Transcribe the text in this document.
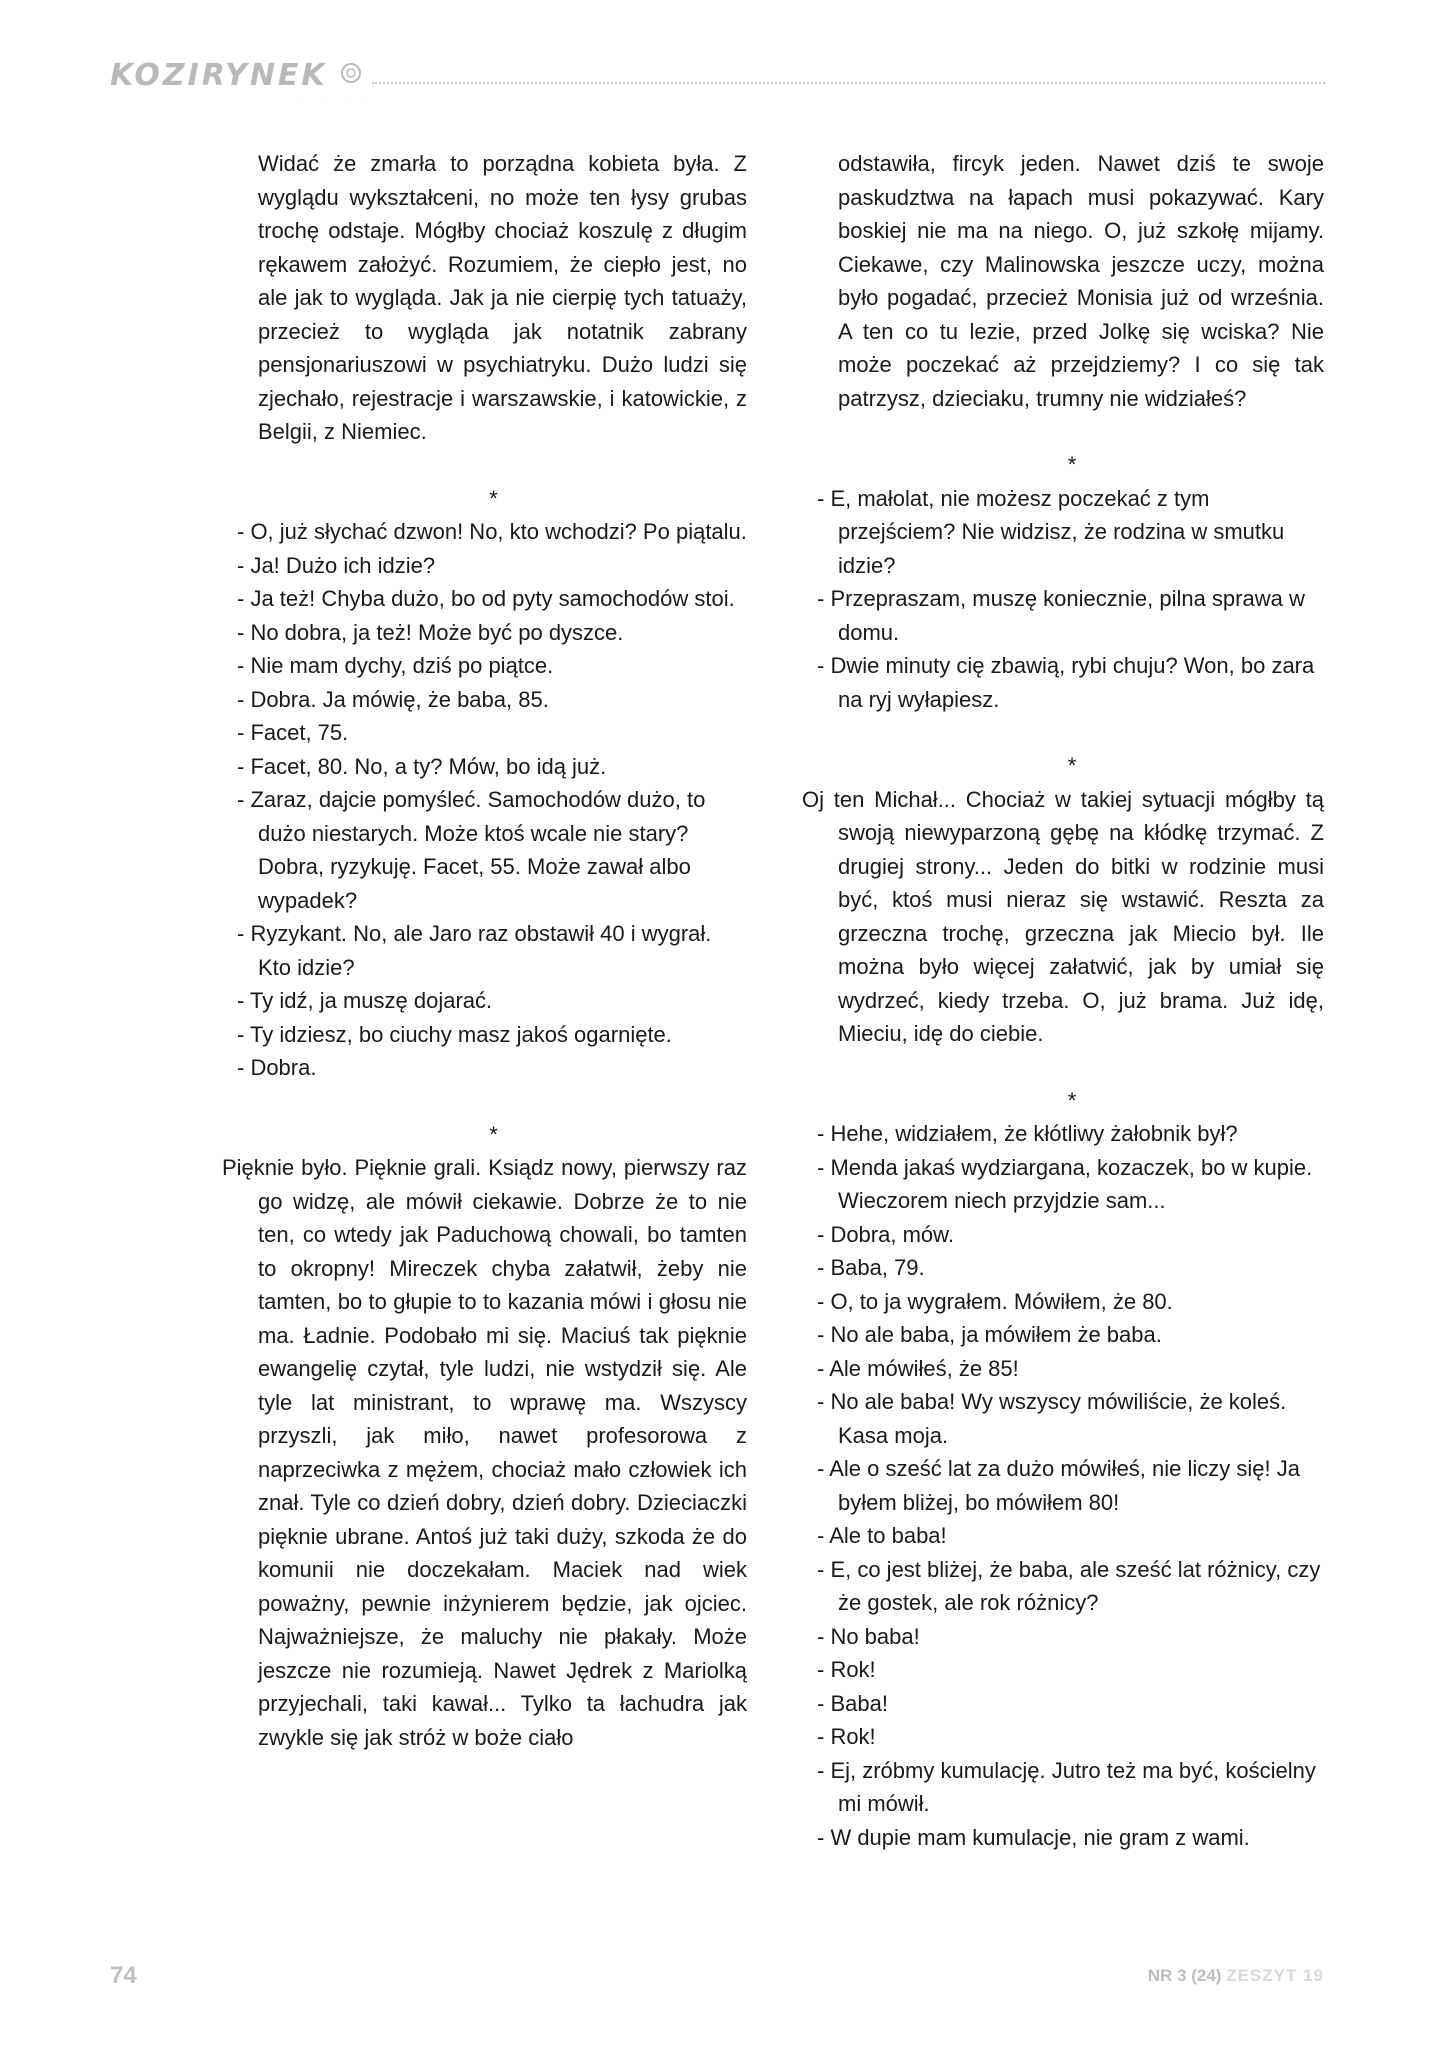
KOZIRYNEK
∙ ∙ ∙ ∙

Widać że zmarła to porządna kobieta była. Z wyglądu wykształceni, no może ten łysy grubas trochę odstaje. Mógłby chociaż koszulę z długim rękawem założyć. Rozumiem, że ciepło jest, no ale jak to wygląda. Jak ja nie cierpię tych tatuaży, przecież to wygląda jak notatnik zabrany pensjonariuszowi w psychiatryku. Dużo ludzi się zjechało, rejestracje i warszawskie, i katowickie, z Belgii, z Niemiec.

*

- O, już słychać dzwon! No, kto wchodzi? Po piątalu.

- Ja! Dużo ich idzie?

- Ja też! Chyba dużo, bo od pyty samochodów stoi.

- No dobra, ja też! Może być po dyszce.

- Nie mam dychy, dziś po piątce.

- Dobra. Ja mówię, że baba, 85.

- Facet, 75.

- Facet, 80. No, a ty? Mów, bo idą już.

- Zaraz, dajcie pomyśleć. Samochodów dużo, to dużo niestarych. Może ktoś wcale nie stary? Dobra, ryzykuję. Facet, 55. Może zawał albo wypadek?

- Ryzykant. No, ale Jaro raz obstawił 40 i wygrał. Kto idzie?

- Ty idź, ja muszę dojarać.

- Ty idziesz, bo ciuchy masz jakoś ogarnięte.

- Dobra.

*

Pięknie było. Pięknie grali. Ksiądz nowy, pierwszy raz go widzę, ale mówił ciekawie. Dobrze że to nie ten, co wtedy jak Paduchową chowali, bo tamten to okropny! Mireczek chyba załatwił, żeby nie tamten, bo to głupie to to kazania mówi i głosu nie ma. Ładnie. Podobało mi się. Maciuś tak pięknie ewangelię czytał, tyle ludzi, nie wstydził się. Ale tyle lat ministrant, to wprawę ma. Wszyscy przyszli, jak miło, nawet profesorowa z naprzeciwka z mężem, chociaż mało człowiek ich znał. Tyle co dzień dobry, dzień dobry. Dzieciaczki pięknie ubrane. Antoś już taki duży, szkoda że do komunii nie doczekałam. Maciek nad wiek poważny, pewnie inżynierem będzie, jak ojciec. Najważniejsze, że maluchy nie płakały. Może jeszcze nie rozumieją. Nawet Jędrek z Mariolką przyjechali, taki kawał... Tylko ta łachudra jak zwykle się jak stróż w boże ciało

odstawiła, fircyk jeden. Nawet dziś te swoje paskudztwa na łapach musi pokazywać. Kary boskiej nie ma na niego. O, już szkołę mijamy. Ciekawe, czy Malinowska jeszcze uczy, można było pogadać, przecież Monisia już od września. A ten co tu lezie, przed Jolkę się wciska? Nie może poczekać aż przejdziemy? I co się tak patrzysz, dzieciaku, trumny nie widziałeś?

*

- E, małolat, nie możesz poczekać z tym przejściem? Nie widzisz, że rodzina w smutku idzie?

- Przepraszam, muszę koniecznie, pilna sprawa w domu.

- Dwie minuty cię zbawią, rybi chuju? Won, bo zara na ryj wyłapiesz.

*

Oj ten Michał... Chociaż w takiej sytuacji mógłby tą swoją niewyparzoną gębę na kłódkę trzymać. Z drugiej strony... Jeden do bitki w rodzinie musi być, ktoś musi nieraz się wstawić. Reszta za grzeczna trochę, grzeczna jak Miecio był. Ile można było więcej załatwić, jak by umiał się wydrzeć, kiedy trzeba. O, już brama. Już idę, Mieciu, idę do ciebie.

*

- Hehe, widziałem, że kłótliwy żałobnik był?

- Menda jakaś wydziargana, kozaczek, bo w kupie. Wieczorem niech przyjdzie sam...

- Dobra, mów.

- Baba, 79.

- O, to ja wygrałem. Mówiłem, że 80.

- No ale baba, ja mówiłem że baba.

- Ale mówiłeś, że 85!

- No ale baba! Wy wszyscy mówiliście, że koleś. Kasa moja.

- Ale o sześć lat za dużo mówiłeś, nie liczy się! Ja byłem bliżej, bo mówiłem 80!

- Ale to baba!

- E, co jest bliżej, że baba, ale sześć lat różnicy, czy że gostek, ale rok różnicy?

- No baba!

- Rok!

- Baba!

- Rok!

- Ej, zróbmy kumulację. Jutro też ma być, kościelny mi mówił.

- W dupie mam kumulacje, nie gram z wami.

74	NR 3 (24) ZESZYT 19
